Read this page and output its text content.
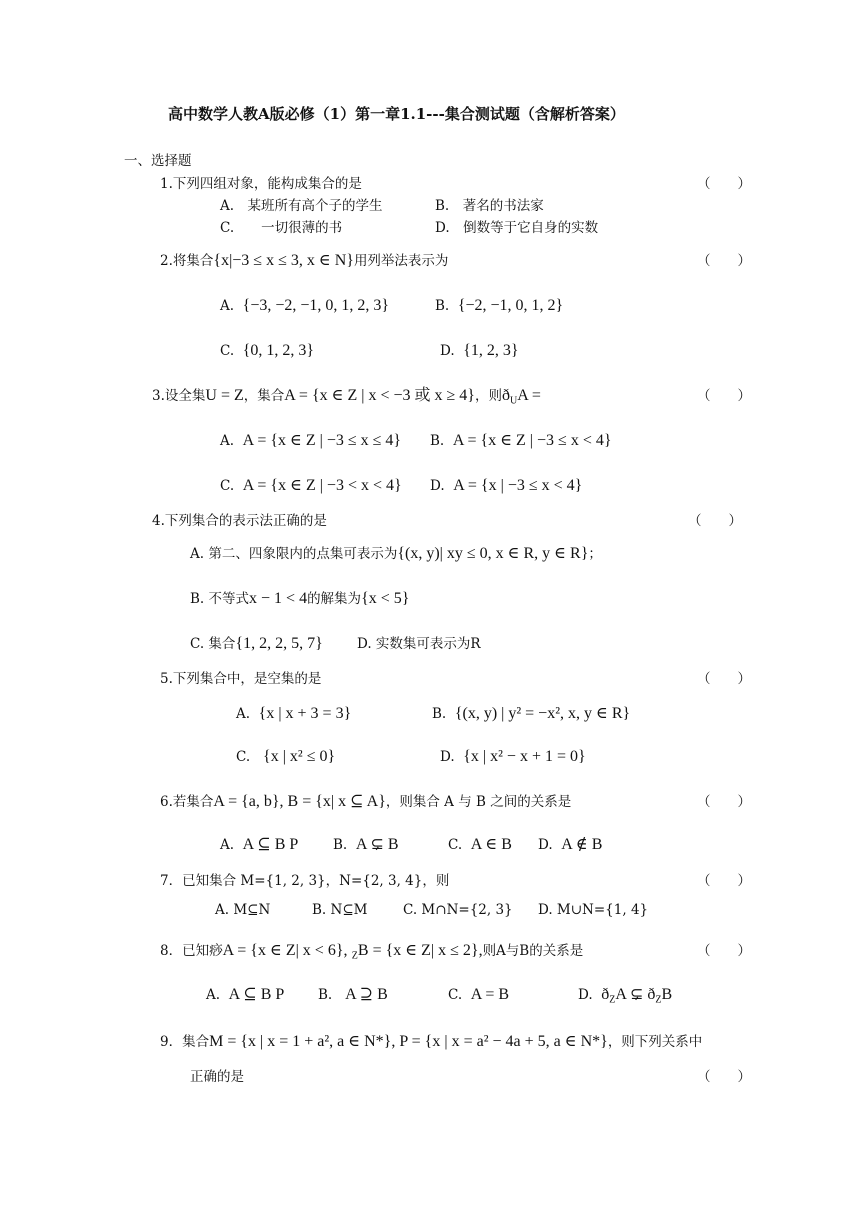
高中数学人教A版必修（1）第一章1.1---集合测试题（含解析答案）
一、选择题
1.下列四组对象，能构成集合的是	（　　）
A.　某班所有高个子的学生	B.　著名的书法家
C.　　一切很薄的书	D.　倒数等于它自身的实数
2.将集合{x|−3 ≤ x ≤ 3, x ∈ N}用列举法表示为	（　　）
A. {−3, −2, −1, 0, 1, 2, 3}	B. {−2, −1, 0, 1, 2}
C. {0, 1, 2, 3}	D. {1, 2, 3}
3.设全集U = Z，集合A = {x ∈ Z | x < −3 或 x ≥ 4}，则$ð_UA$ =	（　　）
A. A = {x ∈ Z | −3 ≤ x ≤ 4} B. A = {x ∈ Z | −3 ≤ x < 4}
C. A = {x ∈ Z | −3 < x < 4} D. A = {x | −3 ≤ x < 4}
4.下列集合的表示法正确的是	（　　）
A. 第二、四象限内的点集可表示为{(x, y)| xy ≤ 0, x ∈ R, y ∈ R}；
B. 不等式x − 1 < 4的解集为{x < 5}
C. 集合{1, 2, 2, 5, 7}	D. 实数集可表示为R
5.下列集合中，是空集的是	（　　）
A. {x | x + 3 = 3}	B. {(x, y) | y² = −x², x, y ∈ R}
C. {x | x² ≤ 0}	D. {x | x² − x + 1 = 0}
6.若集合A = {a, b}, B = {x| x ⊆ A}，则集合 A 与 B 之间的关系是	（　　）
A. A ⊆ B P	B. A ⊊ B	C. A ∈ B D. A ∉ B
7．已知集合 M={1, 2, 3}，N={2, 3, 4}，则	（　　）
A. M⊆N	B. N⊆M	C. M∩N={2, 3} D. M∪N={1, 4}
8．已知痧A = {x ∈ Z| x < 6}, $_Z$B = {x ∈ Z| x ≤ 2},则A与B的关系是	（　　）
A. A ⊆ B P B. A ⊇ B	C. A = B	D. $ð_ZA$ ⊊ $ð_ZB$
9．集合M = {x | x = 1 + a², a ∈ N*}, P = {x | x = a² − 4a + 5, a ∈ N*}，则下列关系中
正确的是	（　　）
